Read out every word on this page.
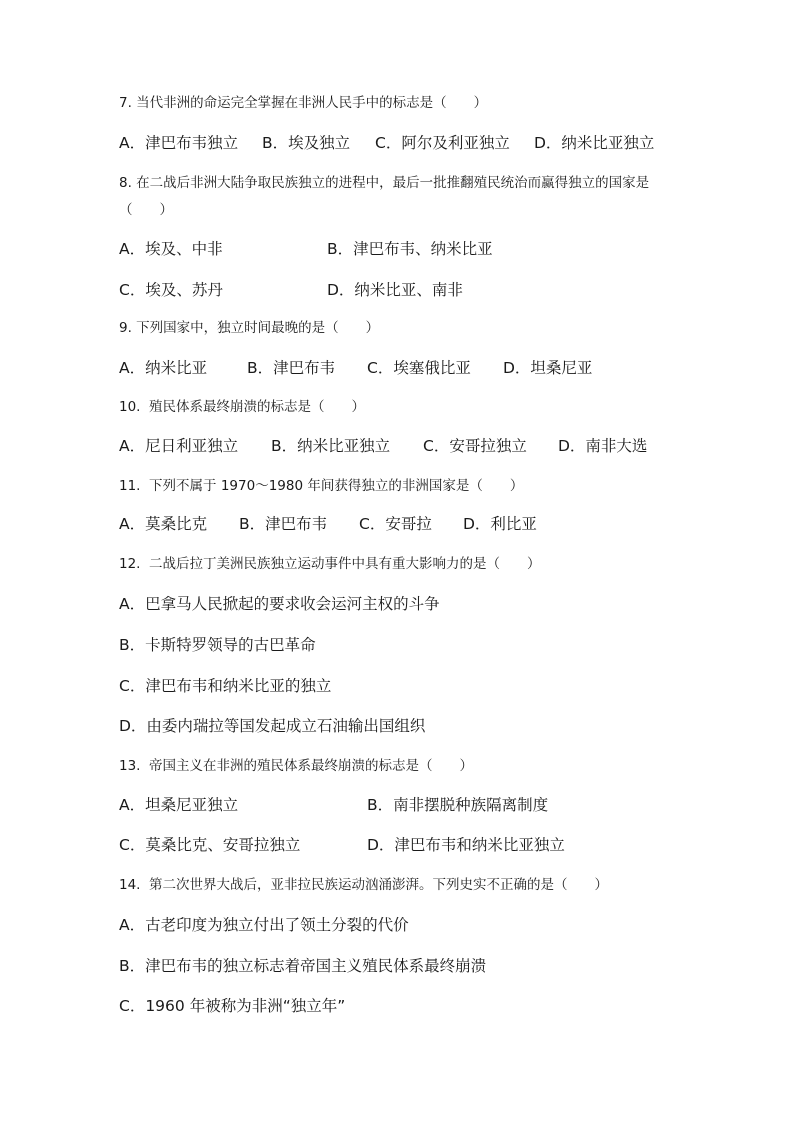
7. 当代非洲的命运完全掌握在非洲人民手中的标志是（　　）
A．津巴布韦独立 B．埃及独立 C．阿尔及利亚独立 D．纳米比亚独立
8. 在二战后非洲大陆争取民族独立的进程中，最后一批推翻殖民统治而赢得独立的国家是
（　　）
A．埃及、中非	B．津巴布韦、纳米比亚
C．埃及、苏丹	D．纳米比亚、南非
9. 下列国家中，独立时间最晚的是（　　）
A．纳米比亚	B．津巴布韦 C．埃塞俄比亚 D．坦桑尼亚
10.  殖民体系最终崩溃的标志是（　　）
A．尼日利亚独立 B．纳米比亚独立 C．安哥拉独立 D．南非大选
11.  下列不属于 1970～1980 年间获得独立的非洲国家是（　　）
A．莫桑比克 B．津巴布韦 C．安哥拉 D．利比亚
12.  二战后拉丁美洲民族独立运动事件中具有重大影响力的是（　　）
A．巴拿马人民掀起的要求收会运河主权的斗争
B．卡斯特罗领导的古巴革命
C．津巴布韦和纳米比亚的独立
D．由委内瑞拉等国发起成立石油输出国组织
13.  帝国主义在非洲的殖民体系最终崩溃的标志是（　　）
A．坦桑尼亚独立	B．南非摆脱种族隔离制度
C．莫桑比克、安哥拉独立	D．津巴布韦和纳米比亚独立
14.  第二次世界大战后，亚非拉民族运动汹涌澎湃。下列史实不正确的是（　　）
A．古老印度为独立付出了领土分裂的代价
B．津巴布韦的独立标志着帝国主义殖民体系最终崩溃
C．1960 年被称为非洲“独立年”
